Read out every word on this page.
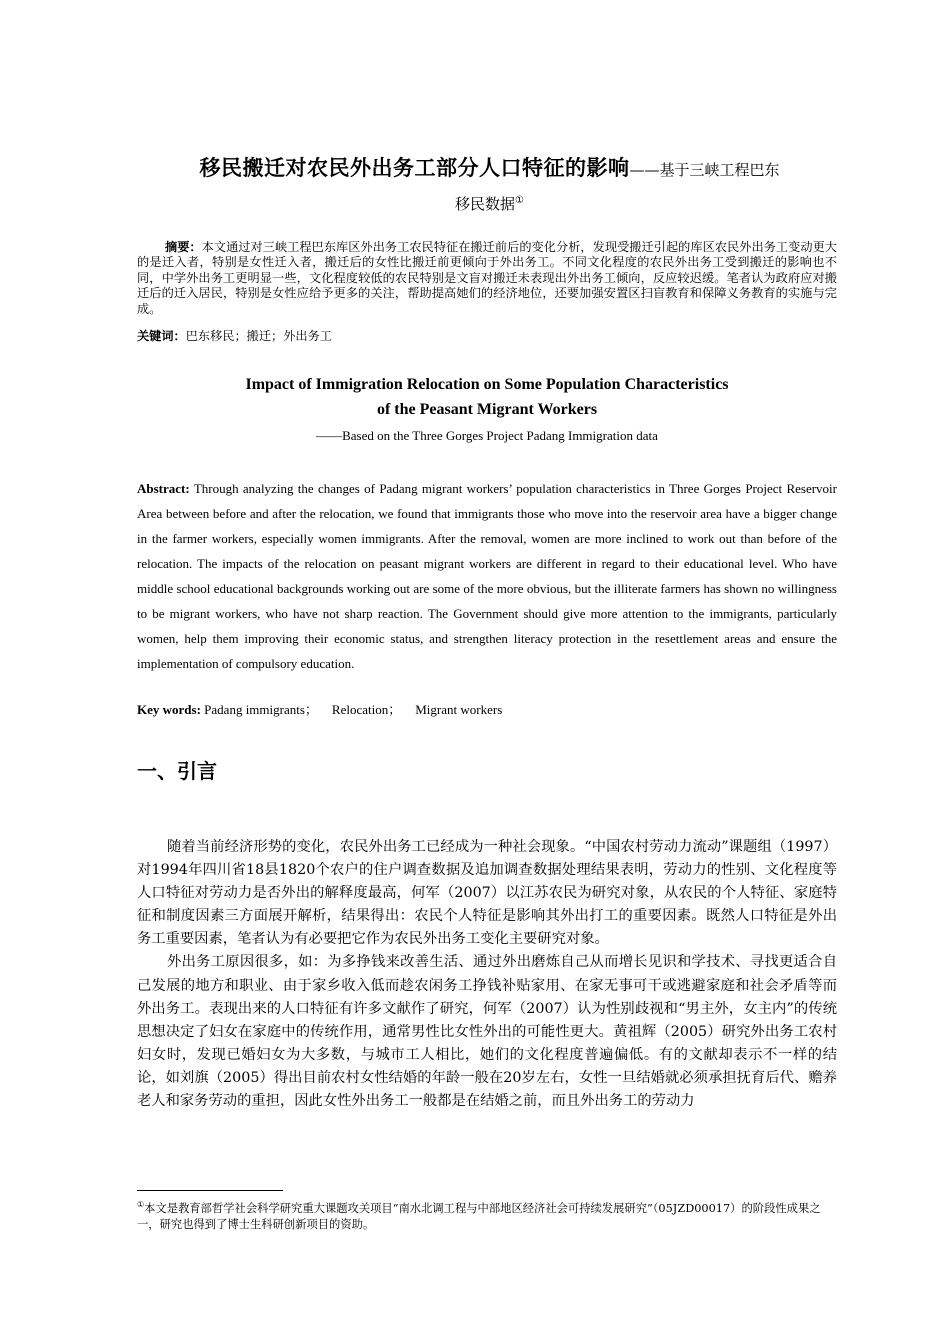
移民搬迁对农民外出务工部分人口特征的影响——基于三峡工程巴东
移民数据①

摘要：本文通过对三峡工程巴东库区外出务工农民特征在搬迁前后的变化分析，发现受搬迁引起的库区农民外出务工变动更大的是迁入者，特别是女性迁入者，搬迁后的女性比搬迁前更倾向于外出务工。不同文化程度的农民外出务工受到搬迁的影响也不同，中学外出务工更明显一些，文化程度较低的农民特别是文盲对搬迁未表现出外出务工倾向，反应较迟缓。笔者认为政府应对搬迁后的迁入居民，特别是女性应给予更多的关注，帮助提高她们的经济地位，还要加强安置区扫盲教育和保障义务教育的实施与完成。

关键词：巴东移民；搬迁；外出务工
Impact of Immigration Relocation on Some Population Characteristics
of the Peasant Migrant Workers
——Based on the Three Gorges Project Padang Immigration data
Abstract: Through analyzing the changes of Padang migrant workers’ population characteristics in Three Gorges Project Reservoir Area between before and after the relocation, we found that immigrants those who move into the reservoir area have a bigger change in the farmer workers, especially women immigrants. After the removal, women are more inclined to work out than before of the relocation. The impacts of the relocation on peasant migrant workers are different in regard to their educational level. Who have middle school educational backgrounds working out are some of the more obvious, but the illiterate farmers has shown no willingness to be migrant workers, who have not sharp reaction. The Government should give more attention to the immigrants, particularly women, help them improving their economic status, and strengthen literacy protection in the resettlement areas and ensure the implementation of compulsory education.
Key words: Padang immigrants； Relocation； Migrant workers
一、引言

随着当前经济形势的变化，农民外出务工已经成为一种社会现象。“中国农村劳动力流动”课题组（1997）对1994年四川省18县1820个农户的住户调查数据及追加调查数据处理结果表明，劳动力的性别、文化程度等人口特征对劳动力是否外出的解释度最高，何军（2007）以江苏农民为研究对象，从农民的个人特征、家庭特征和制度因素三方面展开解析，结果得出：农民个人特征是影响其外出打工的重要因素。既然人口特征是外出务工重要因素，笔者认为有必要把它作为农民外出务工变化主要研究对象。

外出务工原因很多，如：为多挣钱来改善生活、通过外出磨炼自己从而增长见识和学技术、寻找更适合自己发展的地方和职业、由于家乡收入低而趁农闲务工挣钱补贴家用、在家无事可干或逃避家庭和社会矛盾等而外出务工。表现出来的人口特征有许多文献作了研究，何军（2007）认为性别歧视和“男主外，女主内”的传统思想决定了妇女在家庭中的传统作用，通常男性比女性外出的可能性更大。黄祖辉（2005）研究外出务工农村妇女时，发现已婚妇女为大多数，与城市工人相比，她们的文化程度普遍偏低。有的文献却表示不一样的结论，如刘旗（2005）得出目前农村女性结婚的年龄一般在20岁左右，女性一旦结婚就必须承担抚育后代、赡养老人和家务劳动的重担，因此女性外出务工一般都是在结婚之前，而且外出务工的劳动力

①本文是教育部哲学社会科学研究重大课题攻关项目“南水北调工程与中部地区经济社会可持续发展研究”（05JZD00017）的阶段性成果之一，研究也得到了博士生科研创新项目的资助。
